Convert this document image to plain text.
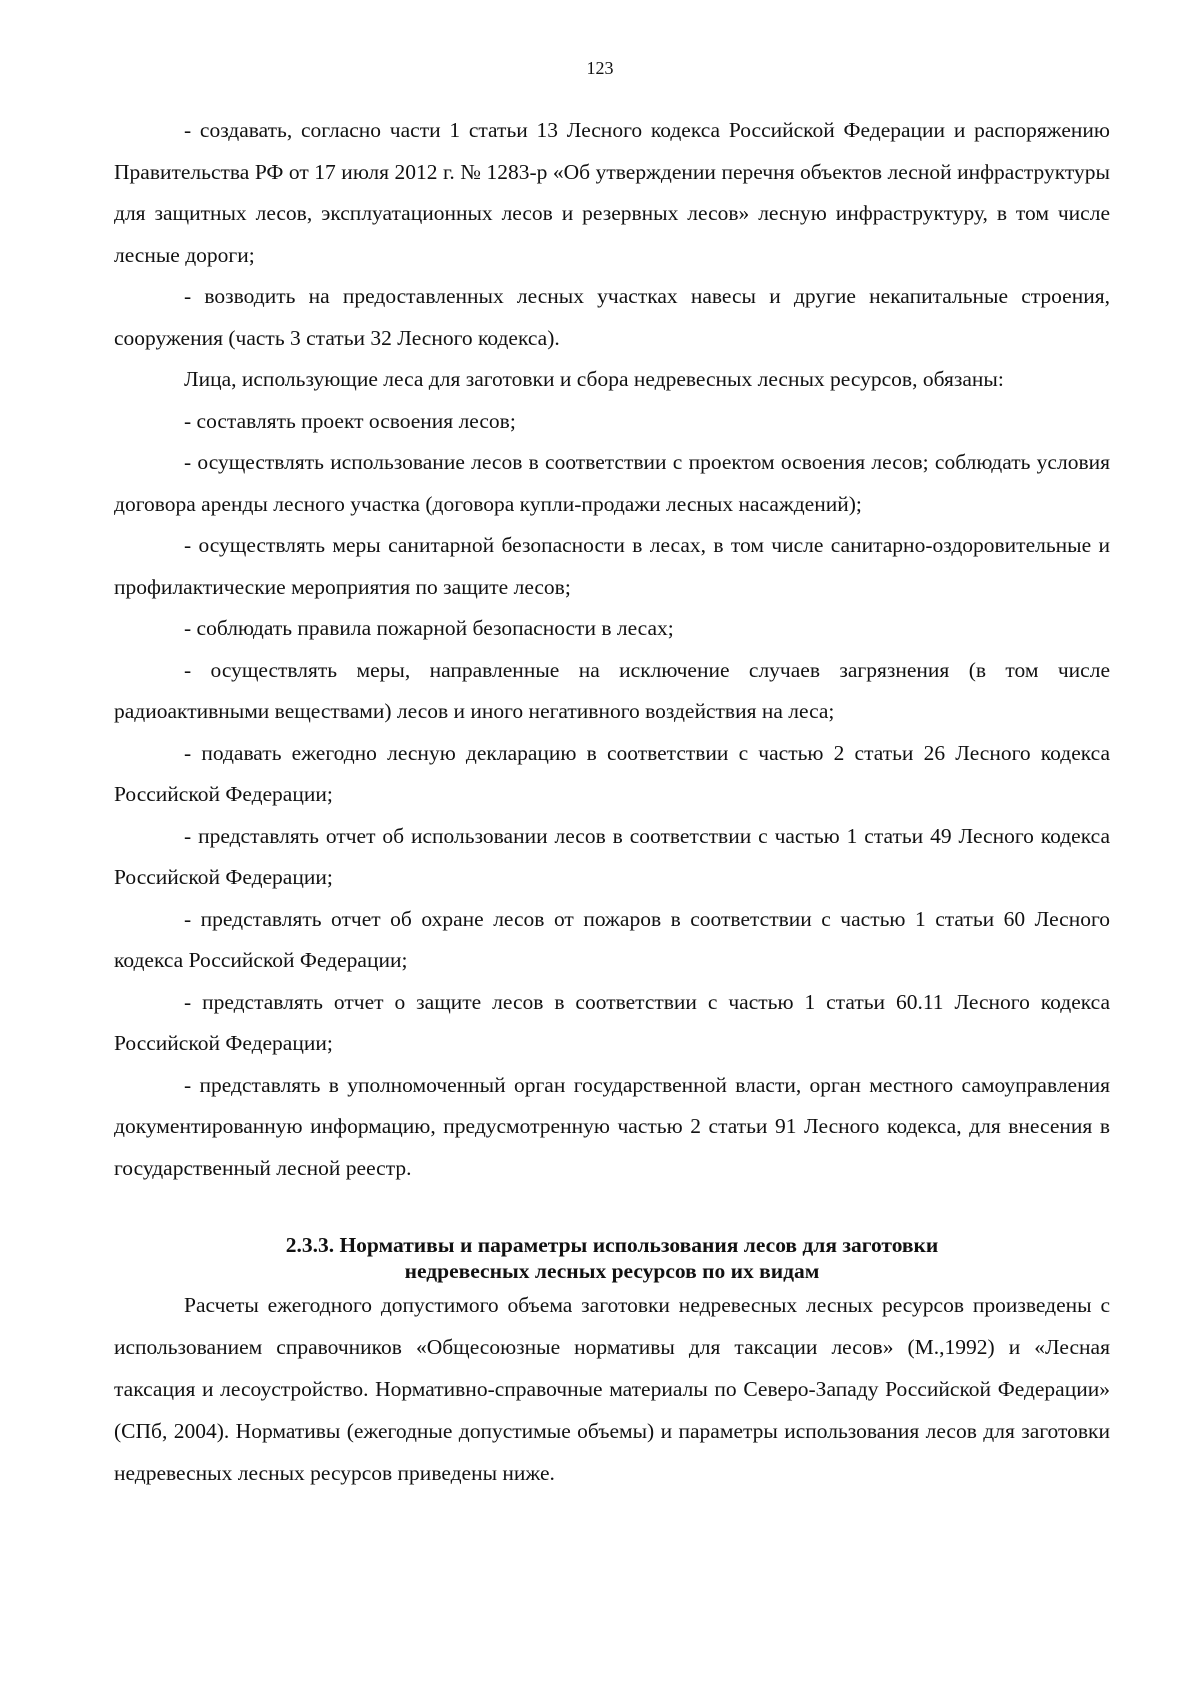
123

- создавать, согласно части 1 статьи 13 Лесного кодекса Российской Федерации и распоряжению Правительства РФ от 17 июля 2012 г. № 1283-р «Об утверждении перечня объектов лесной инфраструктуры для защитных лесов, эксплуатационных лесов и резервных лесов» лесную инфраструктуру, в том числе лесные дороги;

- возводить на предоставленных лесных участках навесы и другие некапитальные строения, сооружения (часть 3 статьи 32 Лесного кодекса).

Лица, использующие леса для заготовки и сбора недревесных лесных ресурсов, обязаны:

- составлять проект освоения лесов;

- осуществлять использование лесов в соответствии с проектом освоения лесов; соблюдать условия договора аренды лесного участка (договора купли-продажи лесных насаждений);

- осуществлять меры санитарной безопасности в лесах, в том числе санитарно-оздоровительные и профилактические мероприятия по защите лесов;

- соблюдать правила пожарной безопасности в лесах;

- осуществлять меры, направленные на исключение случаев загрязнения (в том числе радиоактивными веществами) лесов и иного негативного воздействия на леса;

- подавать ежегодно лесную декларацию в соответствии с частью 2 статьи 26 Лесного кодекса Российской Федерации;

- представлять отчет об использовании лесов в соответствии с частью 1 статьи 49 Лесного кодекса Российской Федерации;

- представлять отчет об охране лесов от пожаров в соответствии с частью 1 статьи 60 Лесного кодекса Российской Федерации;

- представлять отчет о защите лесов в соответствии с частью 1 статьи 60.11 Лесного кодекса Российской Федерации;

- представлять в уполномоченный орган государственной власти, орган местного самоуправления документированную информацию, предусмотренную частью 2 статьи 91 Лесного кодекса, для внесения в государственный лесной реестр.

2.3.3. Нормативы и параметры использования лесов для заготовки
недревесных лесных ресурсов по их видам

Расчеты ежегодного допустимого объема заготовки недревесных лесных ресурсов произведены с использованием справочников «Общесоюзные нормативы для таксации лесов» (М.,1992) и «Лесная таксация и лесоустройство. Нормативно-справочные материалы по Северо-Западу Российской Федерации» (СПб, 2004). Нормативы (ежегодные допустимые объемы) и параметры использования лесов для заготовки недревесных лесных ресурсов приведены ниже.
